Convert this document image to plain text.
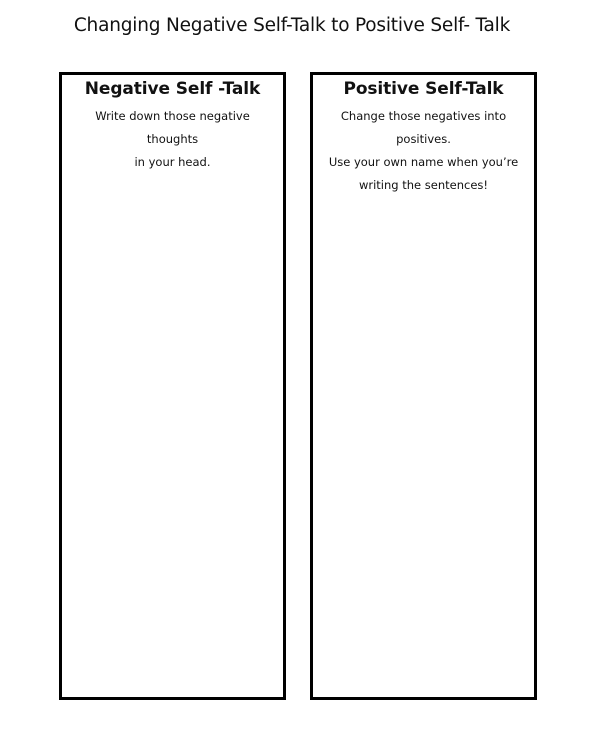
Changing Negative Self-Talk to Positive Self- Talk
Negative Self -Talk
Write down those negative thoughts
in your head.
Positive Self-Talk
Change those negatives into positives.
Use your own name when you’re
writing the sentences!
